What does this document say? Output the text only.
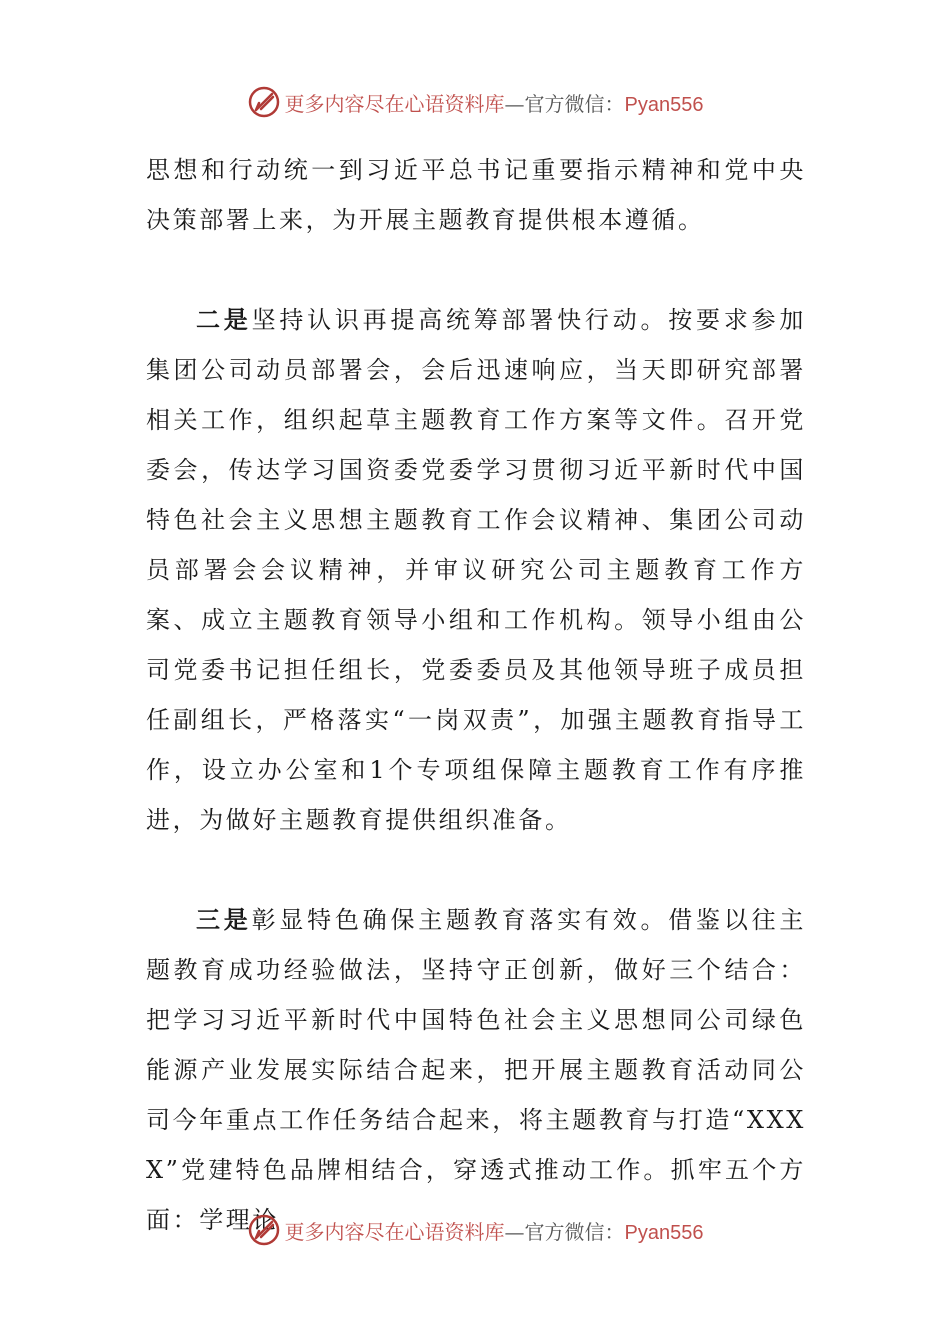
更多内容尽在心语资料库—官方微信：Pyan556

思想和行动统一到习近平总书记重要指示精神和党中央决策部署上来，为开展主题教育提供根本遵循。

二是坚持认识再提高统筹部署快行动。按要求参加集团公司动员部署会，会后迅速响应，当天即研究部署相关工作，组织起草主题教育工作方案等文件。召开党委会，传达学习国资委党委学习贯彻习近平新时代中国特色社会主义思想主题教育工作会议精神、集团公司动员部署会会议精神，并审议研究公司主题教育工作方案、成立主题教育领导小组和工作机构。领导小组由公司党委书记担任组长，党委委员及其他领导班子成员担任副组长，严格落实“一岗双责”，加强主题教育指导工作，设立办公室和1个专项组保障主题教育工作有序推进，为做好主题教育提供组织准备。

三是彰显特色确保主题教育落实有效。借鉴以往主题教育成功经验做法，坚持守正创新，做好三个结合：把学习习近平新时代中国特色社会主义思想同公司绿色能源产业发展实际结合起来，把开展主题教育活动同公司今年重点工作任务结合起来，将主题教育与打造“XXXX”党建特色品牌相结合，穿透式推动工作。抓牢五个方面：学理论 更多内容尽在心语资料库—官方微信：Pyan556
